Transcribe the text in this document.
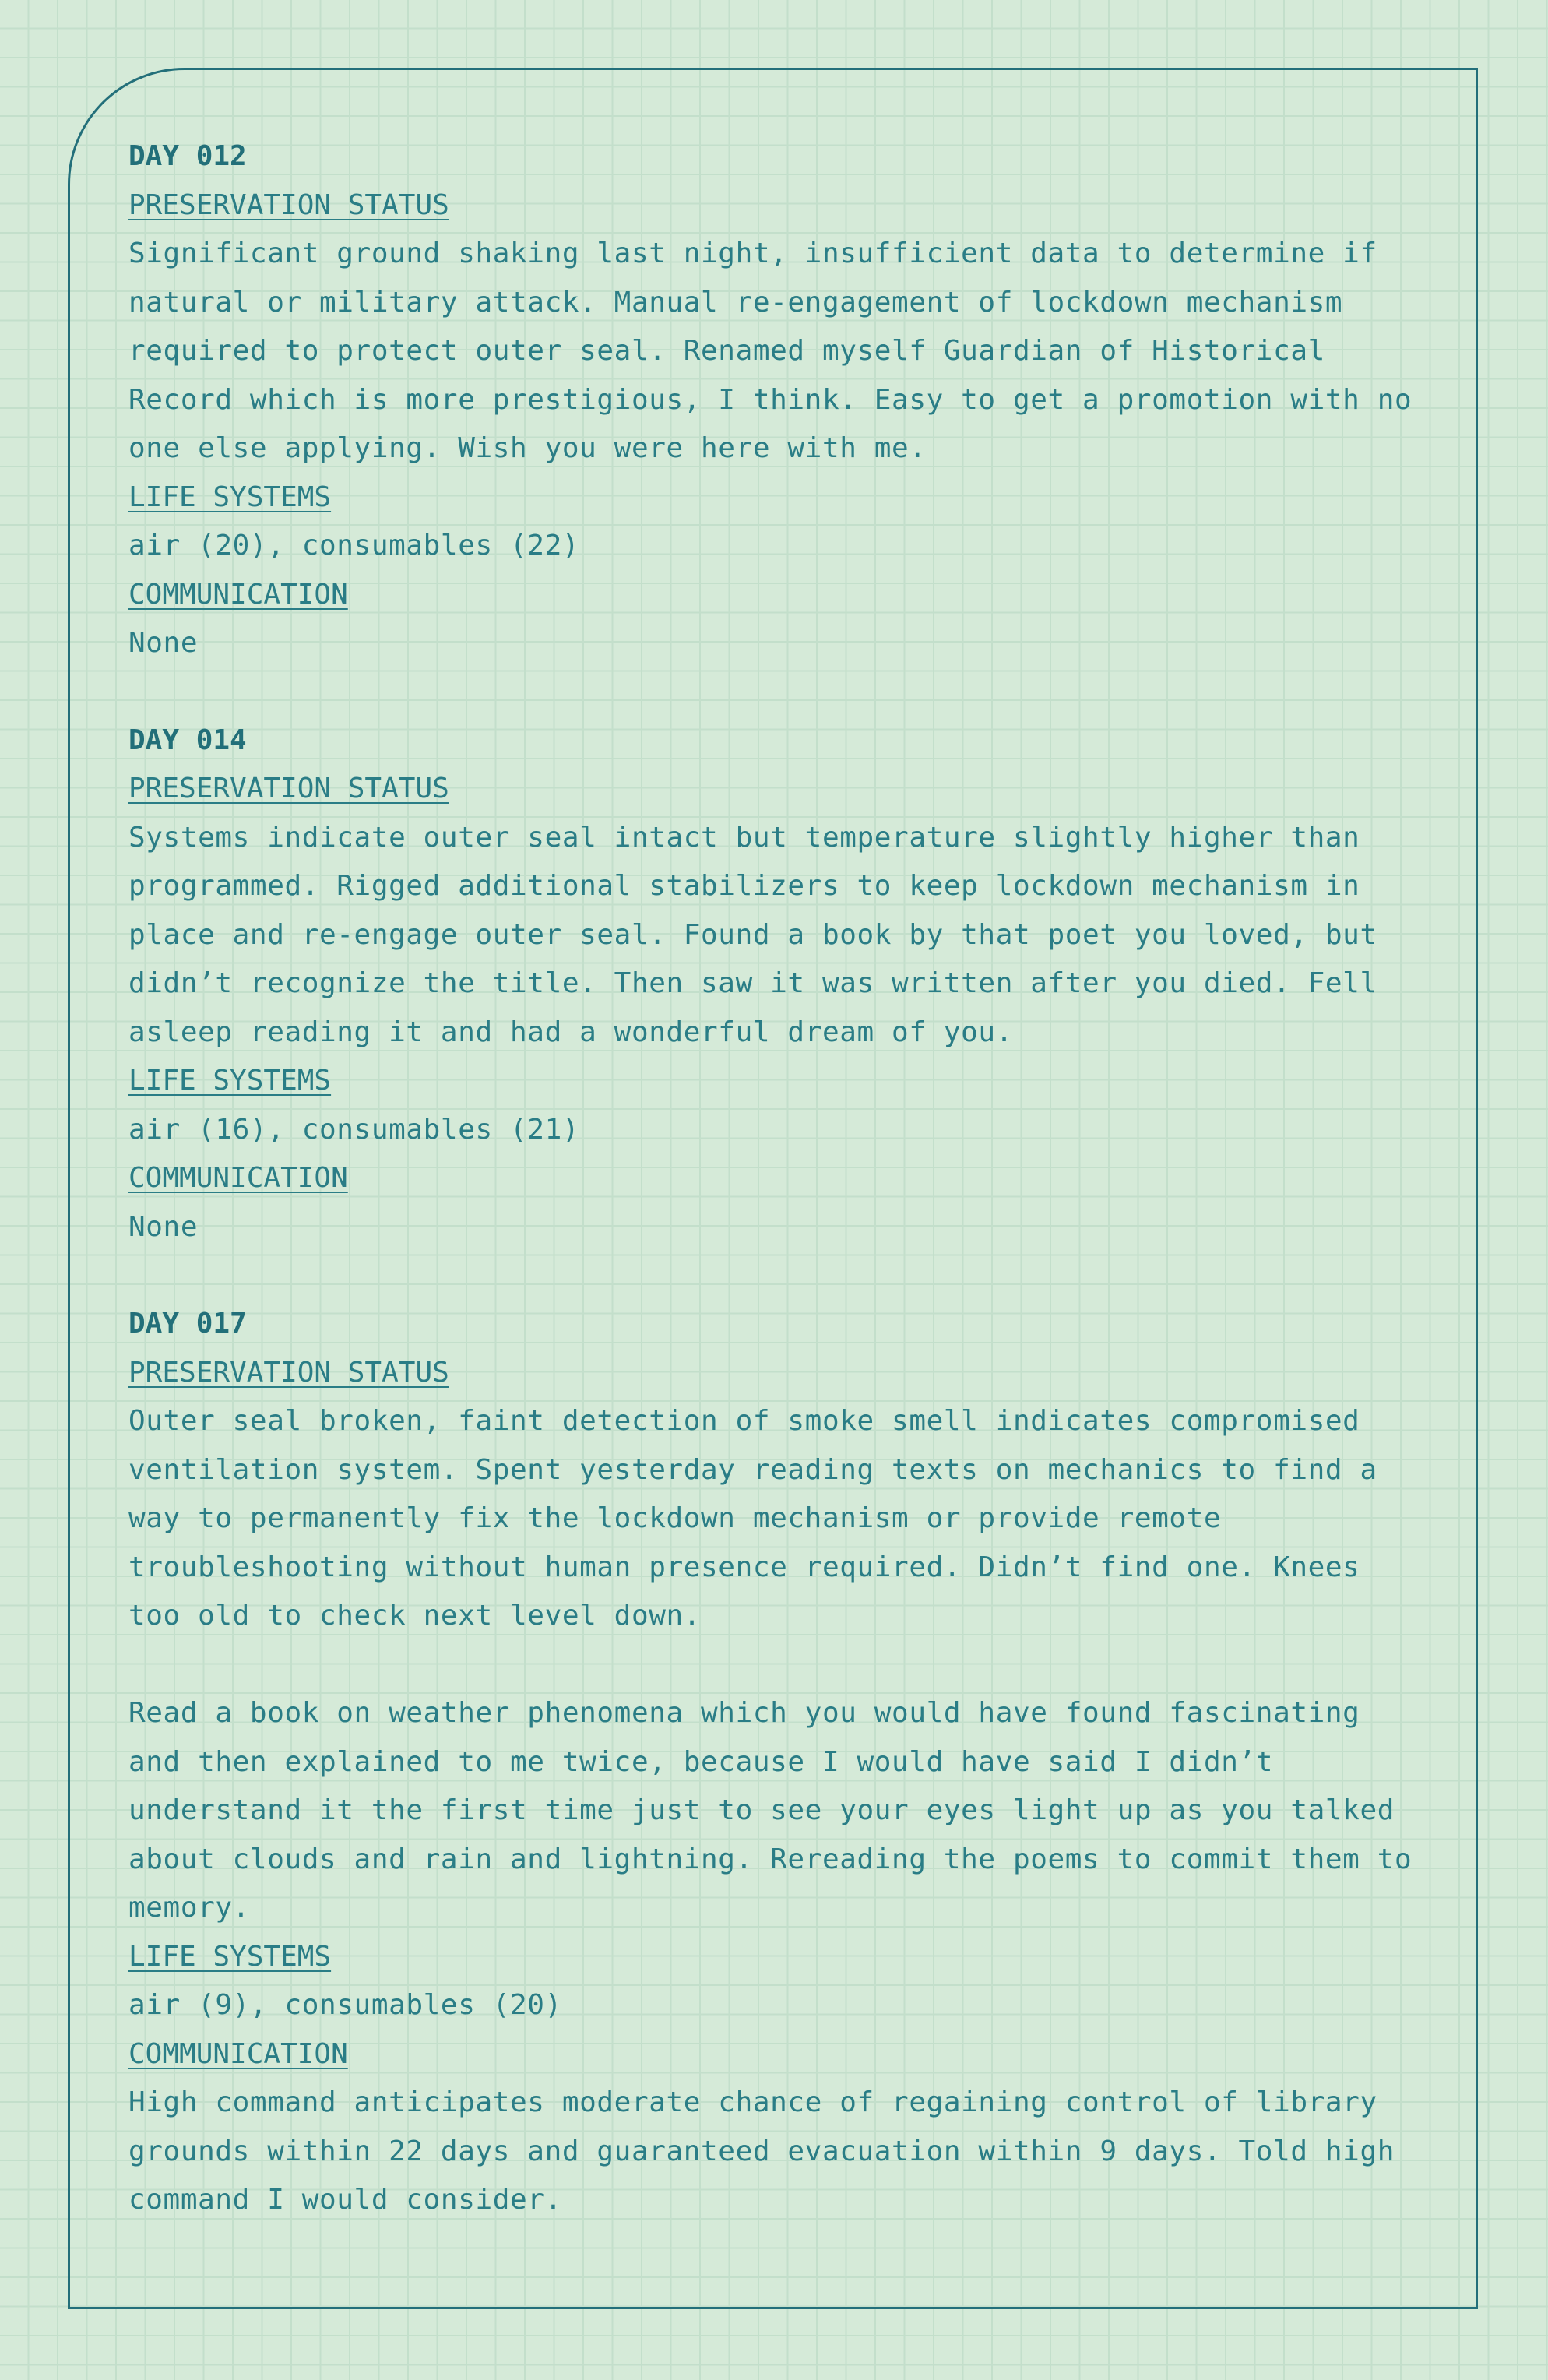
DAY 012
PRESERVATION STATUS

Significant ground shaking last night, insufficient data to determine if natural or military attack. Manual re-engagement of lockdown mechanism required to protect outer seal. Renamed myself Guardian of Historical Record which is more prestigious, I think. Easy to get a promotion with no one else applying. Wish you were here with me.

LIFE SYSTEMS

air (20), consumables (22)

COMMUNICATION

None

DAY 014
PRESERVATION STATUS

Systems indicate outer seal intact but temperature slightly higher than programmed. Rigged additional stabilizers to keep lockdown mechanism in place and re-engage outer seal. Found a book by that poet you loved, but didn’t recognize the title. Then saw it was written after you died. Fell asleep reading it and had a wonderful dream of you.

LIFE SYSTEMS

air (16), consumables (21)

COMMUNICATION

None

DAY 017
PRESERVATION STATUS

Outer seal broken, faint detection of smoke smell indicates compromised ventilation system. Spent yesterday reading texts on mechanics to find a way to permanently fix the lockdown mechanism or provide remote troubleshooting without human presence required. Didn’t find one. Knees too old to check next level down.

Read a book on weather phenomena which you would have found fascinating and then explained to me twice, because I would have said I didn’t understand it the first time just to see your eyes light up as you talked about clouds and rain and lightning. Rereading the poems to commit them to memory.

LIFE SYSTEMS

air (9), consumables (20)

COMMUNICATION

High command anticipates moderate chance of regaining control of library grounds within 22 days and guaranteed evacuation within 9 days. Told high command I would consider.
